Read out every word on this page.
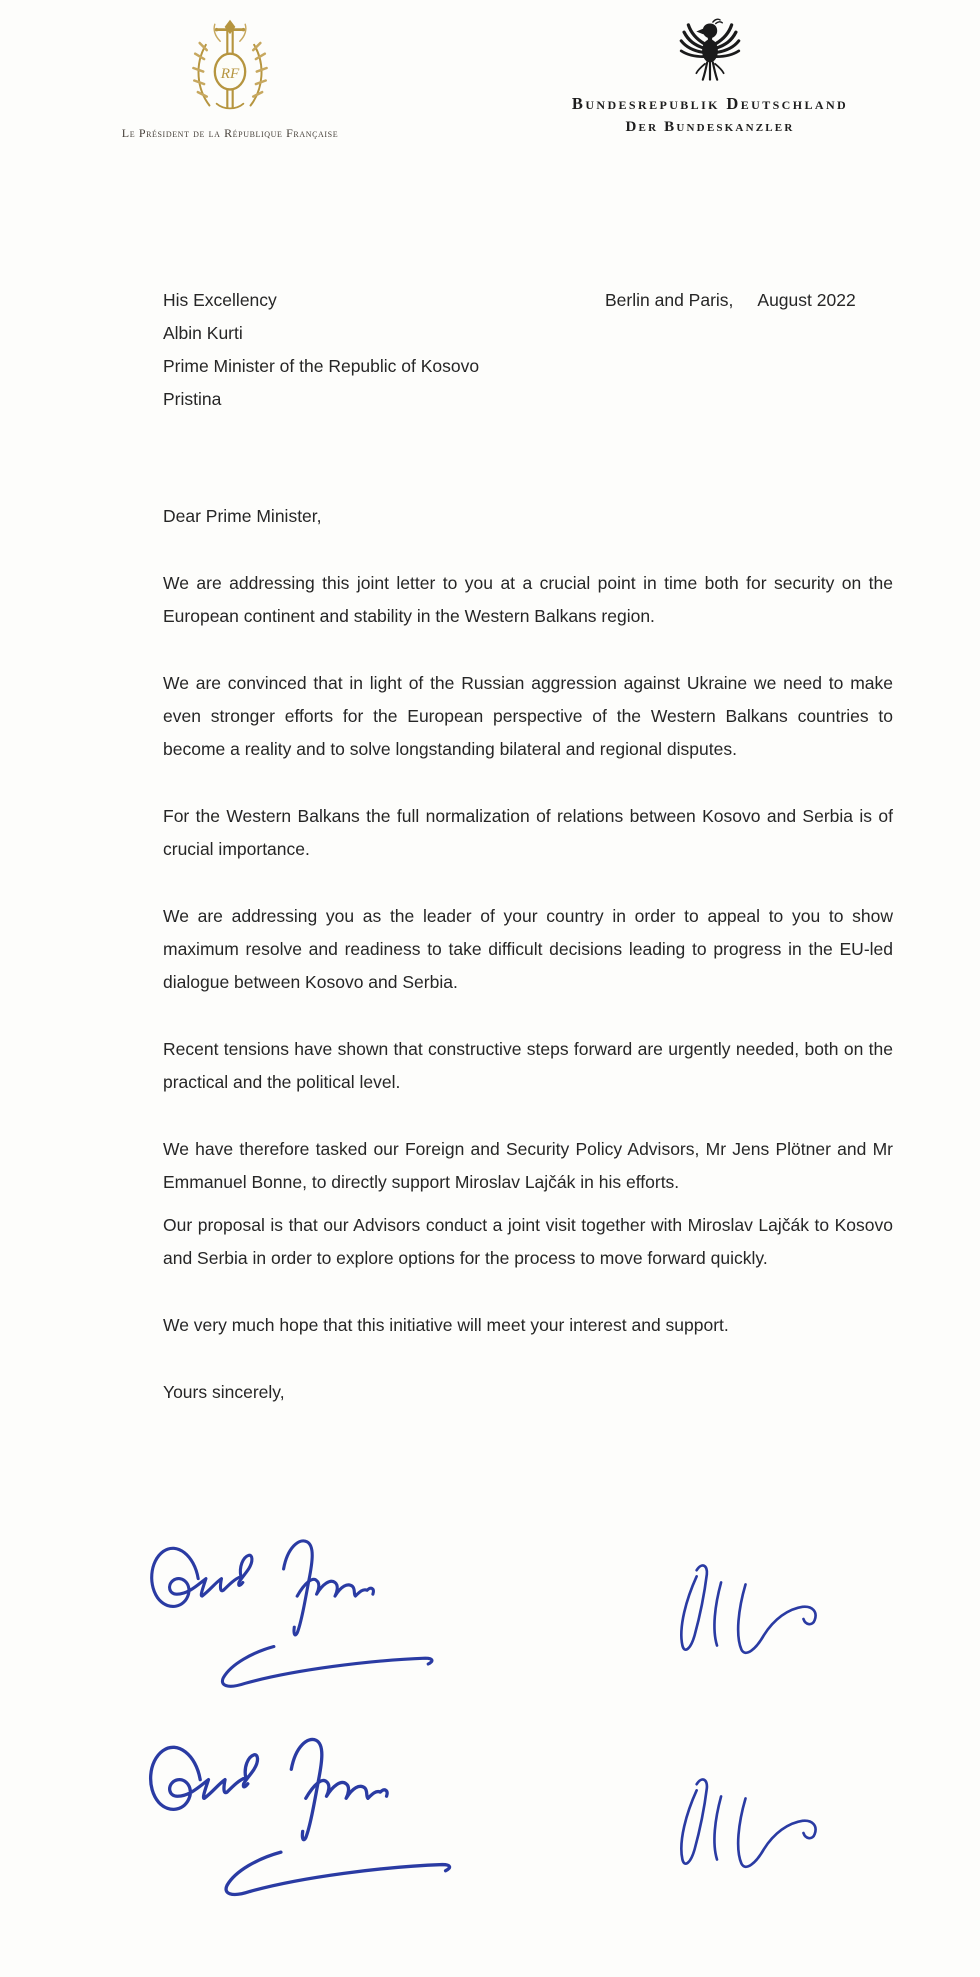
RF
Le Président de la République Française
Bundesrepublik Deutschland
Der Bundeskanzler
His Excellency
Albin Kurti
Prime Minister of the Republic of Kosovo
Pristina
Berlin and Paris, August 2022

Dear Prime Minister,

We are addressing this joint letter to you at a crucial point in time both for security on the European continent and stability in the Western Balkans region.

We are convinced that in light of the Russian aggression against Ukraine we need to make even stronger efforts for the European perspective of the Western Balkans countries to become a reality and to solve longstanding bilateral and regional disputes.

For the Western Balkans the full normalization of relations between Kosovo and Serbia is of crucial importance.

We are addressing you as the leader of your country in order to appeal to you to show maximum resolve and readiness to take difficult decisions leading to progress in the EU-led dialogue between Kosovo and Serbia.

Recent tensions have shown that constructive steps forward are urgently needed, both on the practical and the political level.

We have therefore tasked our Foreign and Security Policy Advisors, Mr Jens Plötner and Mr Emmanuel Bonne, to directly support Miroslav Lajčák in his efforts.

Our proposal is that our Advisors conduct a joint visit together with Miroslav Lajčák to Kosovo and Serbia in order to explore options for the process to move forward quickly.

We very much hope that this initiative will meet your interest and support.

Yours sincerely,
